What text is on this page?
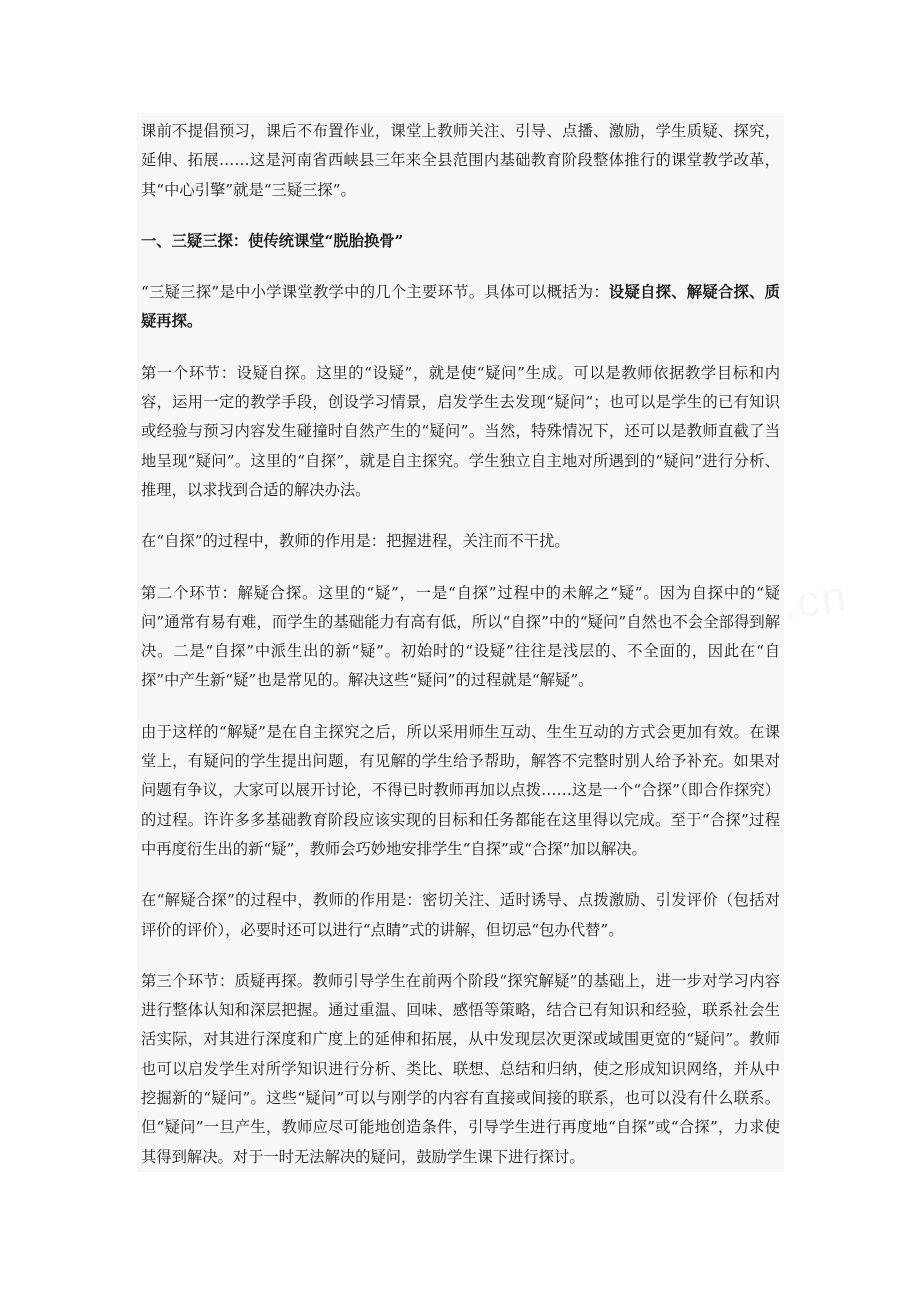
课前不提倡预习，课后不布置作业，课堂上教师关注、引导、点播、激励，学生质疑、探究，延伸、拓展……这是河南省西峡县三年来全县范围内基础教育阶段整体推行的课堂教学改革，其“中心引擎”就是“三疑三探”。

一、三疑三探：使传统课堂“脱胎换骨”

“三疑三探”是中小学课堂教学中的几个主要环节。具体可以概括为：设疑自探、解疑合探、质疑再探。

第一个环节：设疑自探。这里的“设疑”，就是使“疑问”生成。可以是教师依据教学目标和内容，运用一定的教学手段，创设学习情景，启发学生去发现“疑问”；也可以是学生的已有知识或经验与预习内容发生碰撞时自然产生的“疑问”。当然，特殊情况下，还可以是教师直截了当地呈现“疑问”。这里的“自探”，就是自主探究。学生独立自主地对所遇到的“疑问”进行分析、推理，以求找到合适的解决办法。

在“自探”的过程中，教师的作用是：把握进程，关注而不干扰。

第二个环节：解疑合探。这里的“疑”，一是“自探”过程中的未解之“疑”。因为自探中的“疑问”通常有易有难，而学生的基础能力有高有低，所以“自探”中的“疑问”自然也不会全部得到解决。二是“自探”中派生出的新“疑”。初始时的“设疑”往往是浅层的、不全面的，因此在“自探”中产生新“疑”也是常见的。解决这些“疑问”的过程就是“解疑”。

由于这样的“解疑”是在自主探究之后，所以采用师生互动、生生互动的方式会更加有效。在课堂上，有疑问的学生提出问题，有见解的学生给予帮助，解答不完整时别人给予补充。如果对问题有争议，大家可以展开讨论，不得已时教师再加以点拨……这是一个“合探”（即合作探究）的过程。许许多多基础教育阶段应该实现的目标和任务都能在这里得以完成。至于“合探”过程中再度衍生出的新“疑”，教师会巧妙地安排学生“自探”或“合探”加以解决。

在“解疑合探”的过程中，教师的作用是：密切关注、适时诱导、点拨激励、引发评价（包括对评价的评价），必要时还可以进行“点睛”式的讲解，但切忌“包办代替”。

第三个环节：质疑再探。教师引导学生在前两个阶段“探究解疑”的基础上，进一步对学习内容进行整体认知和深层把握。通过重温、回味、感悟等策略，结合已有知识和经验，联系社会生活实际，对其进行深度和广度上的延伸和拓展，从中发现层次更深或域围更宽的“疑问”。教师也可以启发学生对所学知识进行分析、类比、联想、总结和归纳，使之形成知识网络，并从中挖掘新的“疑问”。这些“疑问”可以与刚学的内容有直接或间接的联系，也可以没有什么联系。但“疑问”一旦产生，教师应尽可能地创造条件，引导学生进行再度地“自探”或“合探”，力求使其得到解决。对于一时无法解决的疑问，鼓励学生课下进行探讨。
